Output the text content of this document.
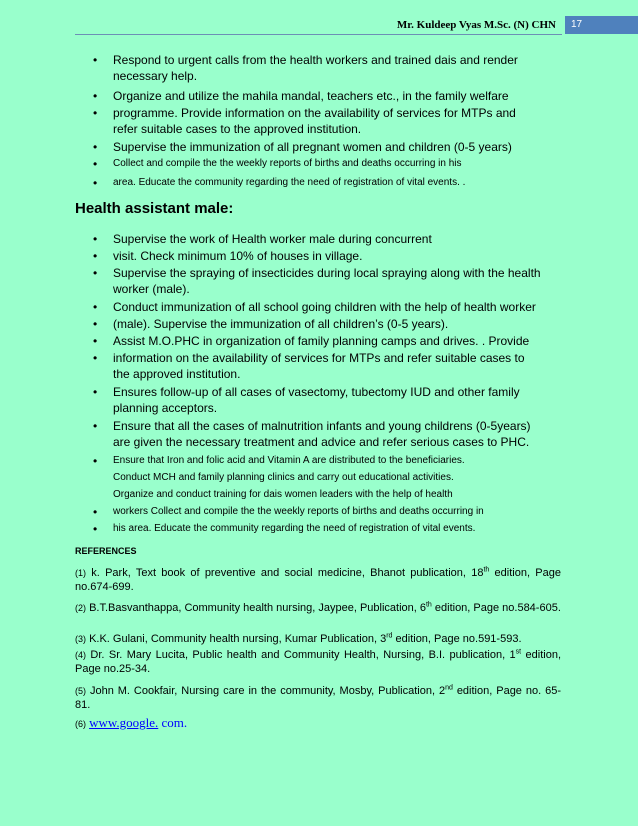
Mr. Kuldeep Vyas M.Sc. (N) CHN	17
• Respond to urgent calls from the health workers and trained dais and render
necessary help.
• Organize and utilize the mahila mandal, teachers etc., in the family welfare
• programme. Provide information on the availability of services for MTPs and
refer suitable cases to the approved institution.
• Supervise the immunization of all pregnant women and children (0-5 years)
• Collect and compile the the weekly reports of births and deaths occurring in his
• area. Educate the community regarding the need of registration of vital events. .
Health assistant male:
• Supervise the work of Health worker male during concurrent
• visit. Check minimum 10% of houses in village.
• Supervise the spraying of insecticides during local spraying along with the health
worker (male).
• Conduct immunization of all school going children with the help of health worker
• (male). Supervise the immunization of all children’s (0-5 years).
• Assist M.O.PHC in organization of family planning camps and drives. . Provide
• information on the availability of services for MTPs and refer suitable cases to
the approved institution.
• Ensures follow-up of all cases of vasectomy, tubectomy IUD and other family
planning acceptors.
• Ensure that all the cases of malnutrition infants and young childrens (0-5years)
are given the necessary treatment and advice and refer serious cases to PHC.
• Ensure that Iron and folic acid and Vitamin A are distributed to the beneficiaries.
Conduct MCH and family planning clinics and carry out educational activities.
Organize and conduct training for dais women leaders with the help of health
• workers Collect and compile the the weekly reports of births and deaths occurring in
• his area. Educate the community regarding the need of registration of vital events.
REFERENCES
(1) k. Park, Text book of preventive and social medicine, Bhanot publication, 18th edition, Page no.674-699.
(2) B.T.Basvanthappa, Community health nursing, Jaypee, Publication, 6th edition, Page no.584-605.
(3) K.K. Gulani, Community health nursing, Kumar Publication, 3rd edition, Page no.591-593.
(4) Dr. Sr. Mary Lucita, Public health and Community Health, Nursing, B.I. publication, 1st edition, Page no.25-34.
(5) John M. Cookfair, Nursing care in the community, Mosby, Publication, 2nd edition, Page no. 65-81.
(6) www.google. com.
